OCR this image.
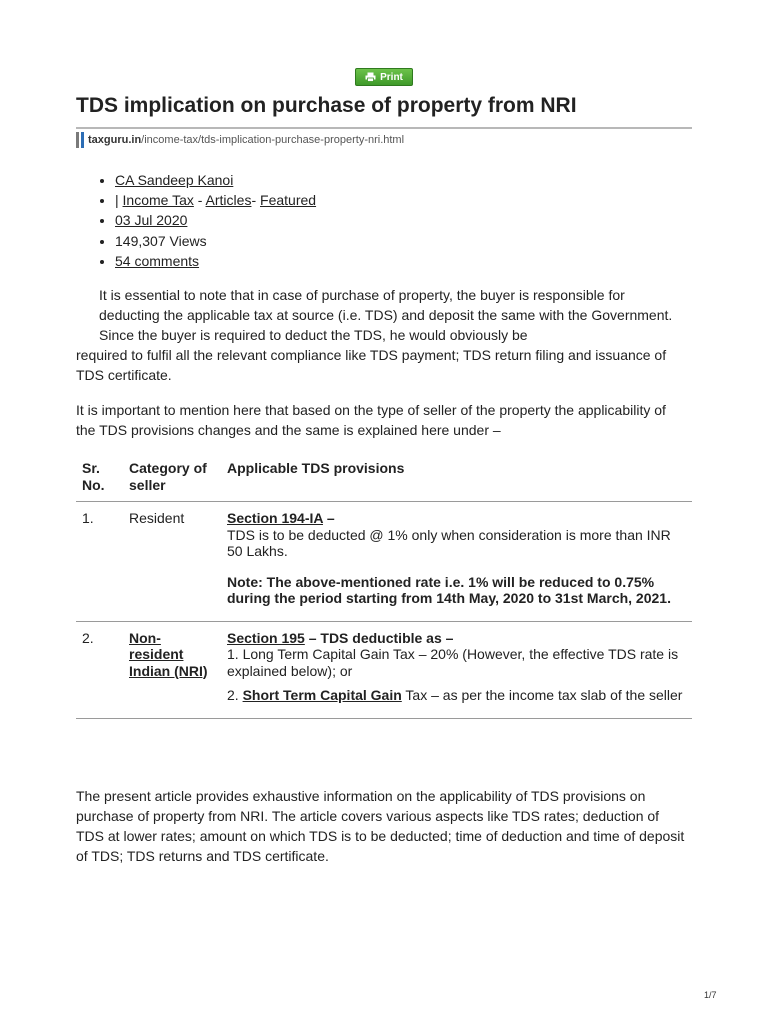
Print
TDS implication on purchase of property from NRI
taxguru.in /income-tax/tds-implication-purchase-property-nri.html
• CA Sandeep Kanoi
• | Income Tax - Articles- Featured
• 03 Jul 2020
• 149,307 Views
• 54 comments

It is essential to note that in case of purchase of property, the buyer is responsible for deducting the applicable tax at source (i.e. TDS) and deposit the same with the Government. Since the buyer is required to deduct the TDS, he would obviously be
required to fulfil all the relevant compliance like TDS payment; TDS return filing and issuance of TDS certificate.

It is important to mention here that based on the type of seller of the property the applicability of the TDS provisions changes and the same is explained here under –

Sr. No.	Category of seller	Applicable TDS provisions
1.	Resident	Section 194-IA –
TDS is to be deducted @ 1% only when consideration is more than INR 50 Lakhs.
Note: The above-mentioned rate i.e. 1% will be reduced to 0.75% during the period starting from 14th May, 2020 to 31st March, 2021.

2.	Non-resident Indian (NRI)	Section 195 – TDS deductible as –
1. Long Term Capital Gain Tax – 20% (However, the effective TDS rate is explained below); or
2. Short Term Capital Gain Tax – as per the income tax slab of the seller

The present article provides exhaustive information on the applicability of TDS provisions on purchase of property from NRI. The article covers various aspects like TDS rates; deduction of TDS at lower rates; amount on which TDS is to be deducted; time of deduction and time of deposit of TDS; TDS returns and TDS certificate.

1/7
